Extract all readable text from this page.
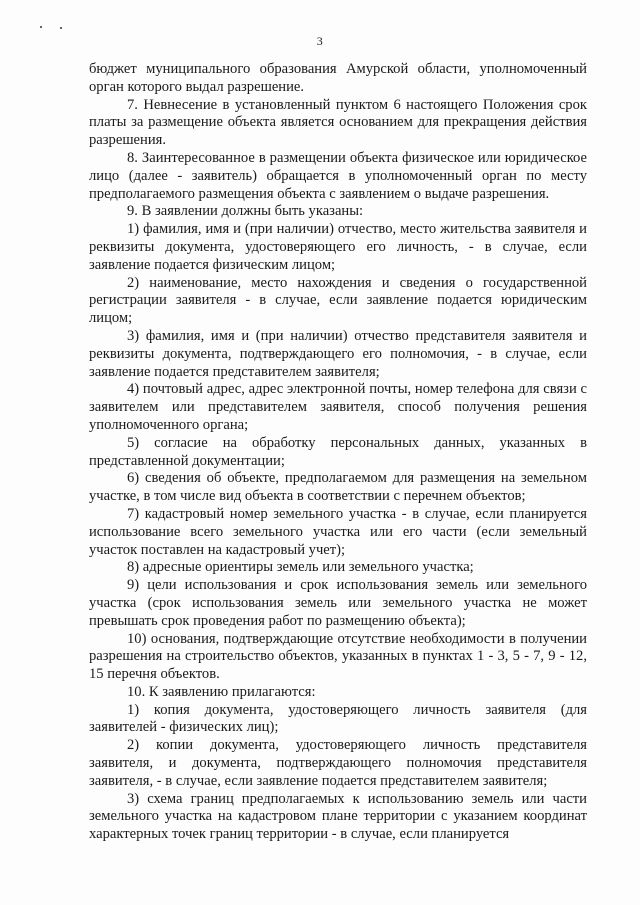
3

бюджет муниципального образования Амурской области, уполномоченный орган которого выдал разрешение.

7. Невнесение в установленный пунктом 6 настоящего Положения срок платы за размещение объекта является основанием для прекращения действия разрешения.

8. Заинтересованное в размещении объекта физическое или юридическое лицо (далее - заявитель) обращается в уполномоченный орган по месту предполагаемого размещения объекта с заявлением о выдаче разрешения.

9. В заявлении должны быть указаны:

1) фамилия, имя и (при наличии) отчество, место жительства заявителя и реквизиты документа, удостоверяющего его личность, - в случае, если заявление подается физическим лицом;

2) наименование, место нахождения и сведения о государственной регистрации заявителя - в случае, если заявление подается юридическим лицом;

3) фамилия, имя и (при наличии) отчество представителя заявителя и реквизиты документа, подтверждающего его полномочия, - в случае, если заявление подается представителем заявителя;

4) почтовый адрес, адрес электронной почты, номер телефона для связи с заявителем или представителем заявителя, способ получения решения уполномоченного органа;

5) согласие на обработку персональных данных, указанных в представленной документации;

6) сведения об объекте, предполагаемом для размещения на земельном участке, в том числе вид объекта в соответствии с перечнем объектов;

7) кадастровый номер земельного участка - в случае, если планируется использование всего земельного участка или его части (если земельный участок поставлен на кадастровый учет);

8) адресные ориентиры земель или земельного участка;

9) цели использования и срок использования земель или земельного участка (срок использования земель или земельного участка не может превышать срок проведения работ по размещению объекта);

10) основания, подтверждающие отсутствие необходимости в получении разрешения на строительство объектов, указанных в пунктах 1 - 3, 5 - 7, 9 - 12, 15 перечня объектов.

10. К заявлению прилагаются:

1) копия документа, удостоверяющего личность заявителя (для заявителей - физических лиц);

2) копии документа, удостоверяющего личность представителя заявителя, и документа, подтверждающего полномочия представителя заявителя, - в случае, если заявление подается представителем заявителя;

3) схема границ предполагаемых к использованию земель или части земельного участка на кадастровом плане территории с указанием координат характерных точек границ территории - в случае, если планируется
